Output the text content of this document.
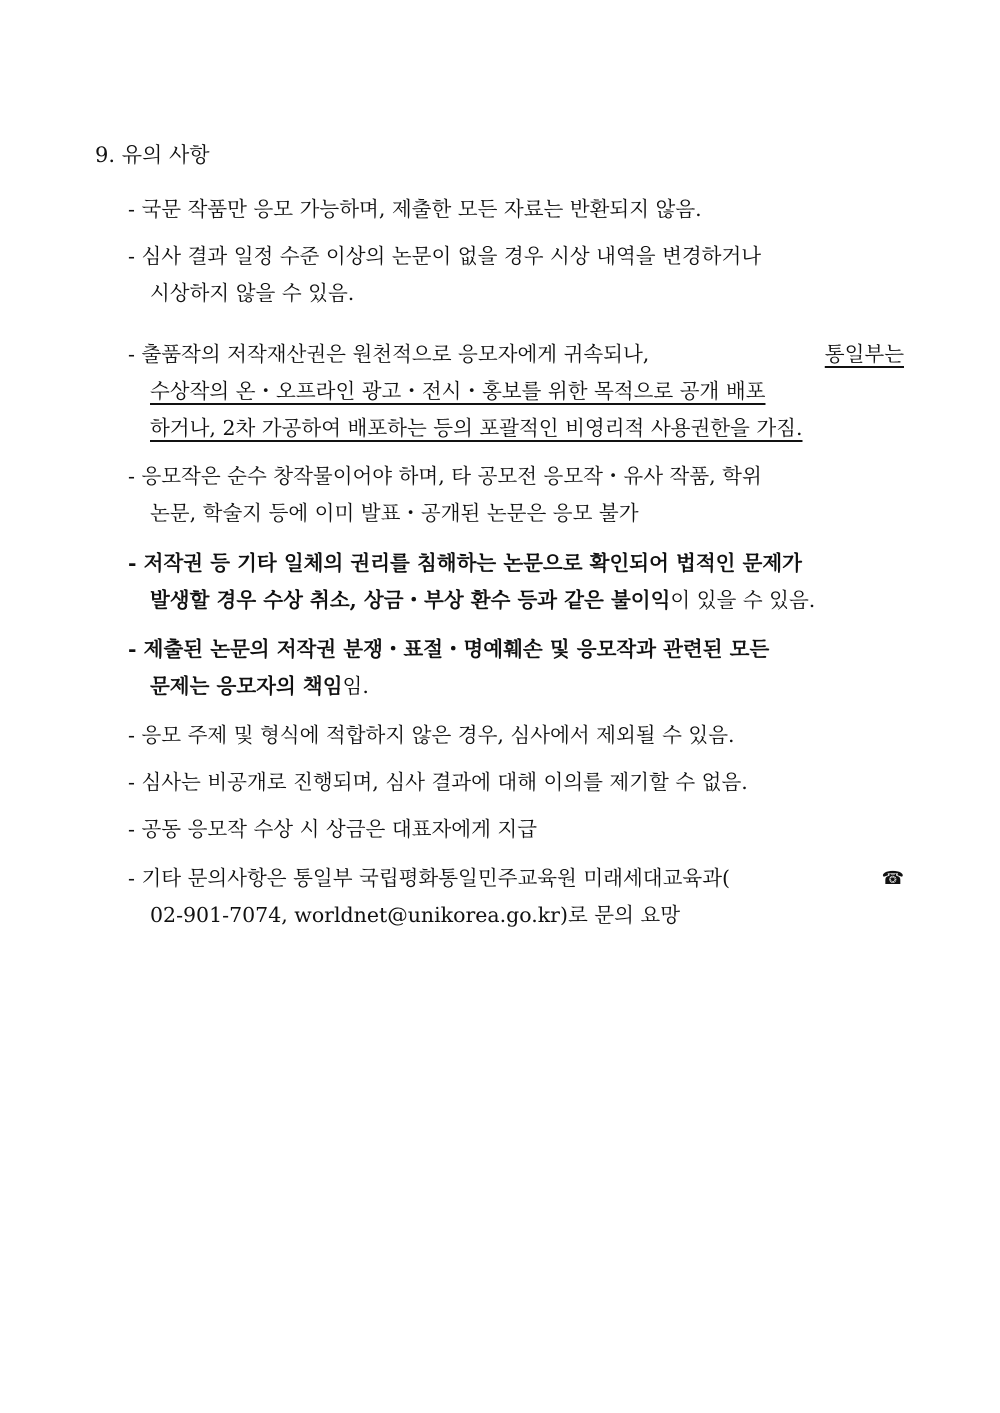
9. 유의 사항
- 국문 작품만 응모 가능하며, 제출한 모든 자료는 반환되지 않음.
- 심사 결과 일정 수준 이상의 논문이 없을 경우 시상 내역을 변경하거나
시상하지 않을 수 있음.
- 출품작의 저작재산권은 원천적으로 응모자에게 귀속되나,	통일부는
수상작의 온・오프라인 광고・전시・홍보를 위한 목적으로 공개 배포
하거나, 2차 가공하여 배포하는 등의 포괄적인 비영리적 사용권한을 가짐.
- 응모작은 순수 창작물이어야 하며, 타 공모전 응모작・유사 작품, 학위
논문, 학술지 등에 이미 발표・공개된 논문은 응모 불가
- 저작권 등 기타 일체의 권리를 침해하는 논문으로 확인되어 법적인 문제가
발생할 경우 수상 취소, 상금・부상 환수 등과 같은 불이익 이 있을 수 있음.
- 제출된 논문의 저작권 분쟁・표절・명예훼손 및 응모작과 관련된 모든
문제는 응모자의 책임 임.
- 응모 주제 및 형식에 적합하지 않은 경우, 심사에서 제외될 수 있음.
- 심사는 비공개로 진행되며, 심사 결과에 대해 이의를 제기할 수 없음.
- 공동 응모작 수상 시 상금은 대표자에게 지급
- 기타 문의사항은 통일부 국립평화통일민주교육원 미래세대교육과(	☎
02-901-7074, worldnet@unikorea.go.kr)로 문의 요망
